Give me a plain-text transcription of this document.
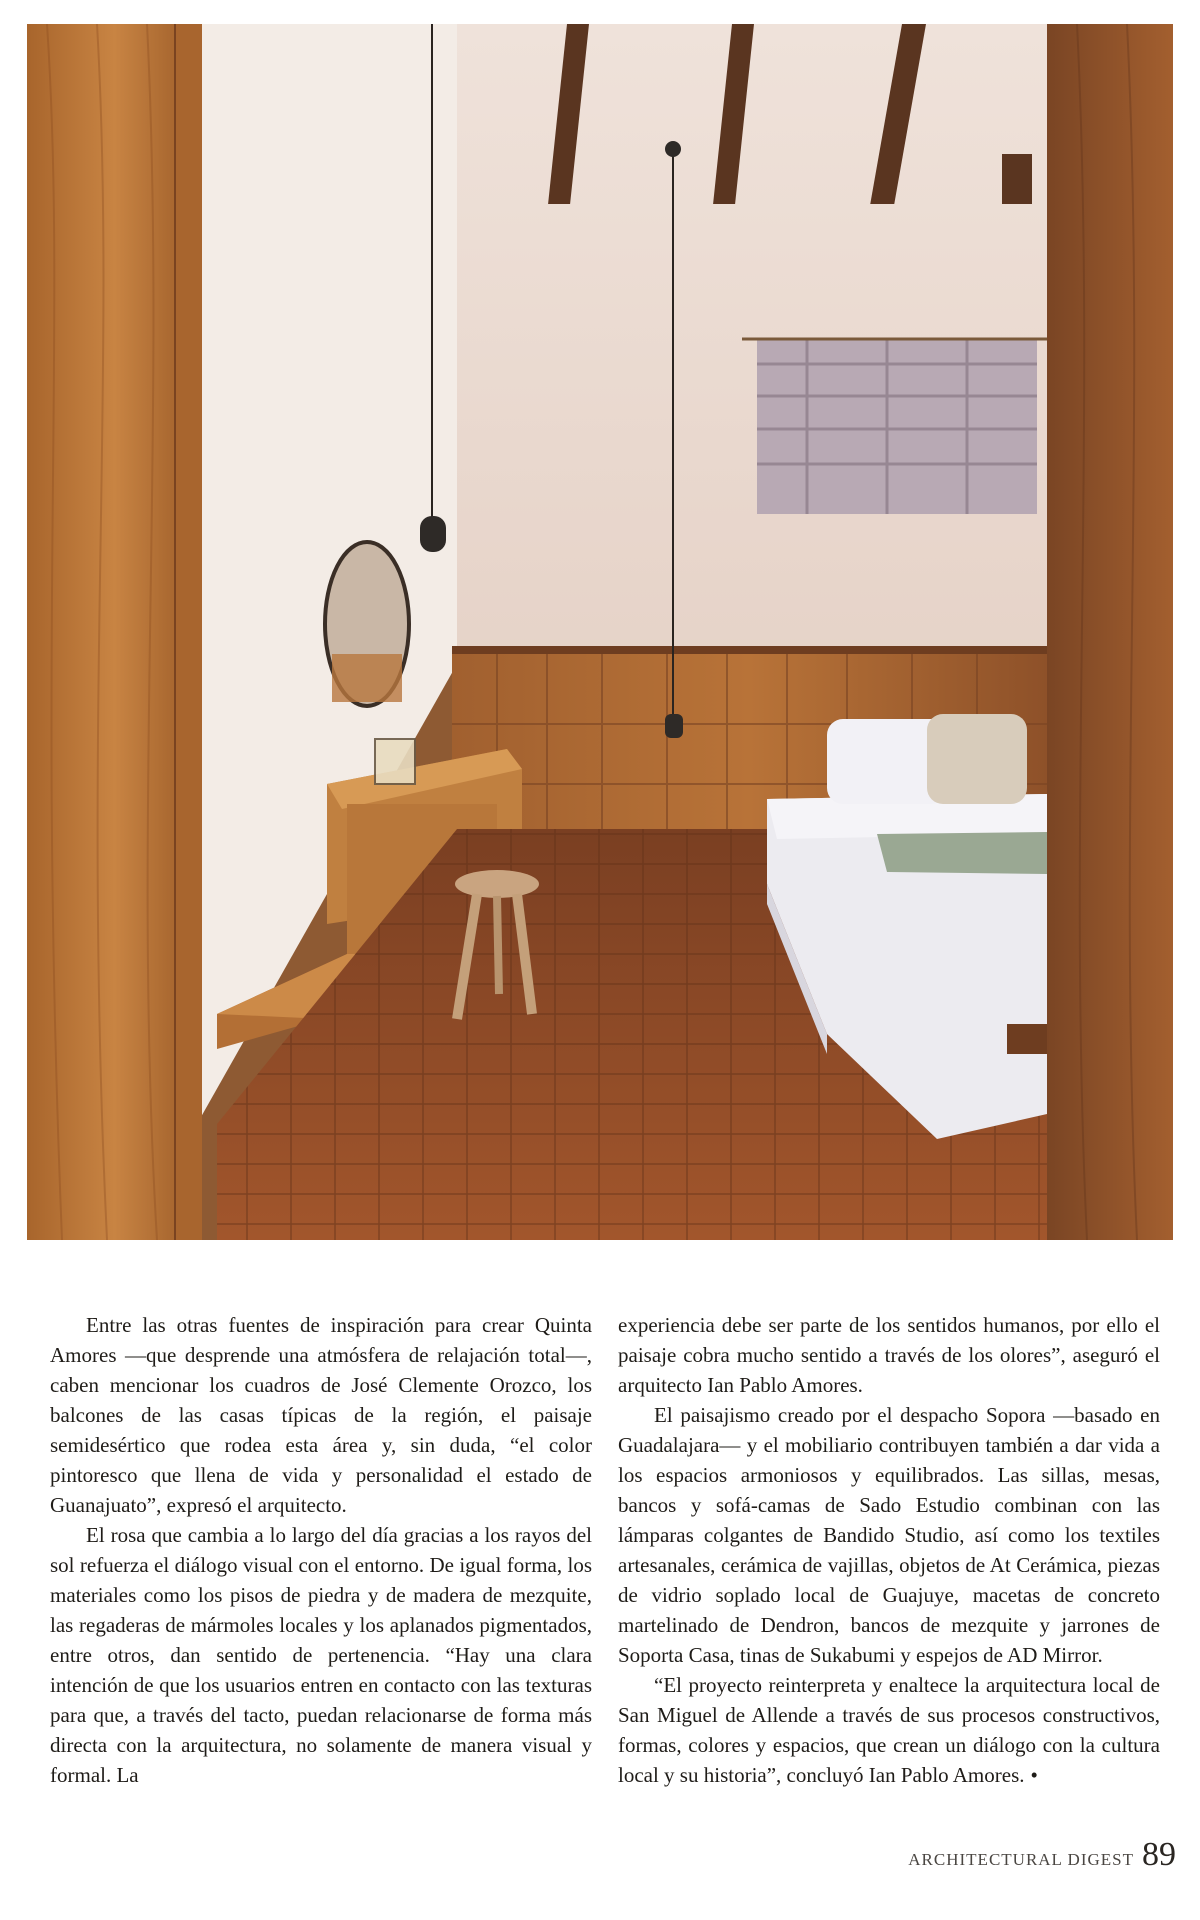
Entre las otras fuentes de inspiración para crear Quinta Amores —que desprende una atmósfera de relajación total—, caben mencionar los cuadros de José Clemente Orozco, los balcones de las casas típicas de la región, el paisaje semidesértico que rodea esta área y, sin duda, “el color pintoresco que llena de vida y personalidad el estado de Guanajuato”, expresó el arquitecto.

El rosa que cambia a lo largo del día gracias a los rayos del sol refuerza el diálogo visual con el entorno. De igual forma, los materiales como los pisos de piedra y de madera de mezquite, las regaderas de mármoles locales y los aplanados pigmentados, entre otros, dan sentido de pertenencia. “Hay una clara intención de que los usuarios entren en contacto con las texturas para que, a través del tacto, puedan relacionarse de forma más directa con la arquitectura, no solamente de manera visual y formal. La

experiencia debe ser parte de los sentidos humanos, por ello el paisaje cobra mucho sentido a través de los olores”, aseguró el arquitecto Ian Pablo Amores.

El paisajismo creado por el despacho Sopora —basado en Guadalajara— y el mobiliario contribuyen también a dar vida a los espacios armoniosos y equilibrados. Las sillas, mesas, bancos y sofá-camas de Sado Estudio combinan con las lámparas colgantes de Bandido Studio, así como los textiles artesanales, cerámica de vajillas, objetos de At Cerámica, piezas de vidrio soplado local de Guajuye, macetas de concreto martelinado de Dendron, bancos de mezquite y jarrones de Soporta Casa, tinas de Sukabumi y espejos de AD Mirror.

“El proyecto reinterpreta y enaltece la arquitectura local de San Miguel de Allende a través de sus procesos constructivos, formas, colores y espacios, que crean un diálogo con la cultura local y su historia”, concluyó Ian Pablo Amores. •

ARCHITECTURAL DIGEST 89
